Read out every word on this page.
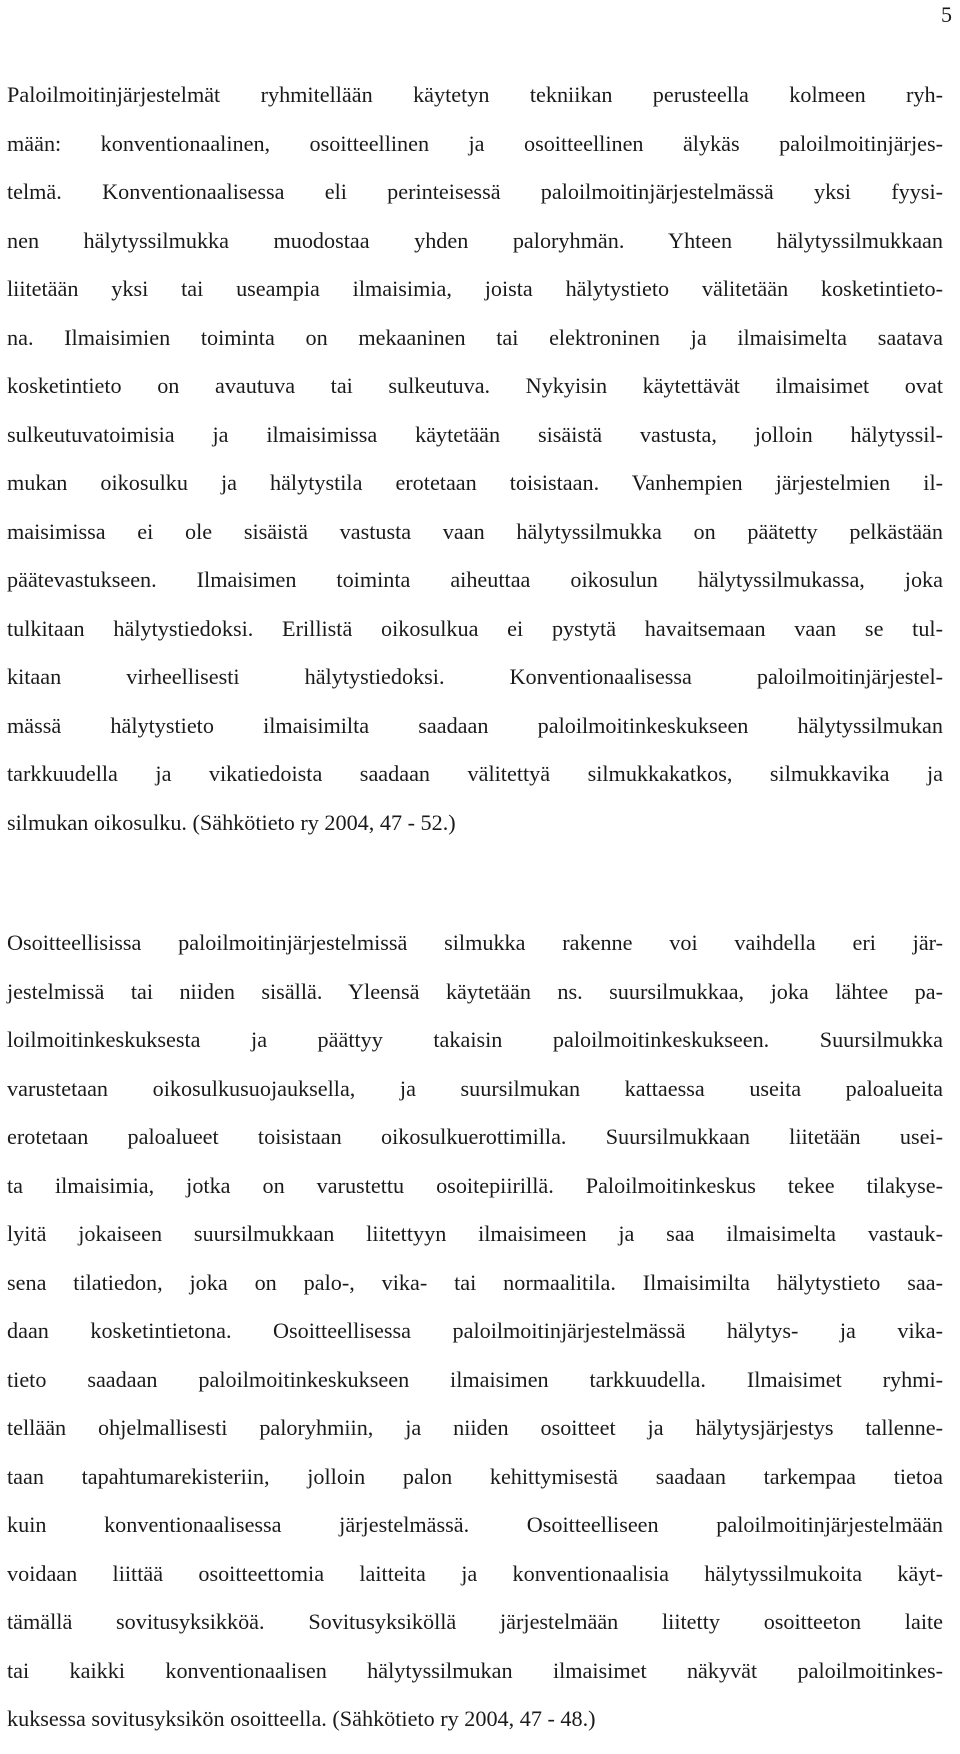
5

Paloilmoitinjärjestelmät ryhmitellään käytetyn tekniikan perusteella kolmeen ryh-
mään: konventionaalinen, osoitteellinen ja osoitteellinen älykäs paloilmoitinjärjes-
telmä. Konventionaalisessa eli perinteisessä paloilmoitinjärjestelmässä yksi fyysi-
nen hälytyssilmukka muodostaa yhden paloryhmän. Yhteen hälytyssilmukkaan
liitetään yksi tai useampia ilmaisimia, joista hälytystieto välitetään kosketintieto-
na. Ilmaisimien toiminta on mekaaninen tai elektroninen ja ilmaisimelta saatava
kosketintieto on avautuva tai sulkeutuva. Nykyisin käytettävät ilmaisimet ovat
sulkeutuvatoimisia ja ilmaisimissa käytetään sisäistä vastusta, jolloin hälytyssil-
mukan oikosulku ja hälytystila erotetaan toisistaan. Vanhempien järjestelmien il-
maisimissa ei ole sisäistä vastusta vaan hälytyssilmukka on päätetty pelkästään
päätevastukseen. Ilmaisimen toiminta aiheuttaa oikosulun hälytyssilmukassa, joka
tulkitaan hälytystiedoksi. Erillistä oikosulkua ei pystytä havaitsemaan vaan se tul-
kitaan virheellisesti hälytystiedoksi. Konventionaalisessa paloilmoitinjärjestel-
mässä hälytystieto ilmaisimilta saadaan paloilmoitinkeskukseen hälytyssilmukan
tarkkuudella ja vikatiedoista saadaan välitettyä silmukkakatkos, silmukkavika ja
silmukan oikosulku. (Sähkötieto ry 2004, 47 - 52.)

Osoitteellisissa paloilmoitinjärjestelmissä silmukka rakenne voi vaihdella eri jär-
jestelmissä tai niiden sisällä. Yleensä käytetään ns. suursilmukkaa, joka lähtee pa-
loilmoitinkeskuksesta ja päättyy takaisin paloilmoitinkeskukseen. Suursilmukka
varustetaan oikosulkusuojauksella, ja suursilmukan kattaessa useita paloalueita
erotetaan paloalueet toisistaan oikosulkuerottimilla. Suursilmukkaan liitetään usei-
ta ilmaisimia, jotka on varustettu osoitepiirillä. Paloilmoitinkeskus tekee tilakyse-
lyitä jokaiseen suursilmukkaan liitettyyn ilmaisimeen ja saa ilmaisimelta vastauk-
sena tilatiedon, joka on palo-, vika- tai normaalitila. Ilmaisimilta hälytystieto saa-
daan kosketintietona. Osoitteellisessa paloilmoitinjärjestelmässä hälytys- ja vika-
tieto saadaan paloilmoitinkeskukseen ilmaisimen tarkkuudella. Ilmaisimet ryhmi-
tellään ohjelmallisesti paloryhmiin, ja niiden osoitteet ja hälytysjärjestys tallenne-
taan tapahtumarekisteriin, jolloin palon kehittymisestä saadaan tarkempaa tietoa
kuin konventionaalisessa järjestelmässä. Osoitteelliseen paloilmoitinjärjestelmään
voidaan liittää osoitteettomia laitteita ja konventionaalisia hälytyssilmukoita käyt-
tämällä sovitusyksikköä. Sovitusyksiköllä järjestelmään liitetty osoitteeton laite
tai kaikki konventionaalisen hälytyssilmukan ilmaisimet näkyvät paloilmoitinkes-
kuksessa sovitusyksikön osoitteella. (Sähkötieto ry 2004, 47 - 48.)
